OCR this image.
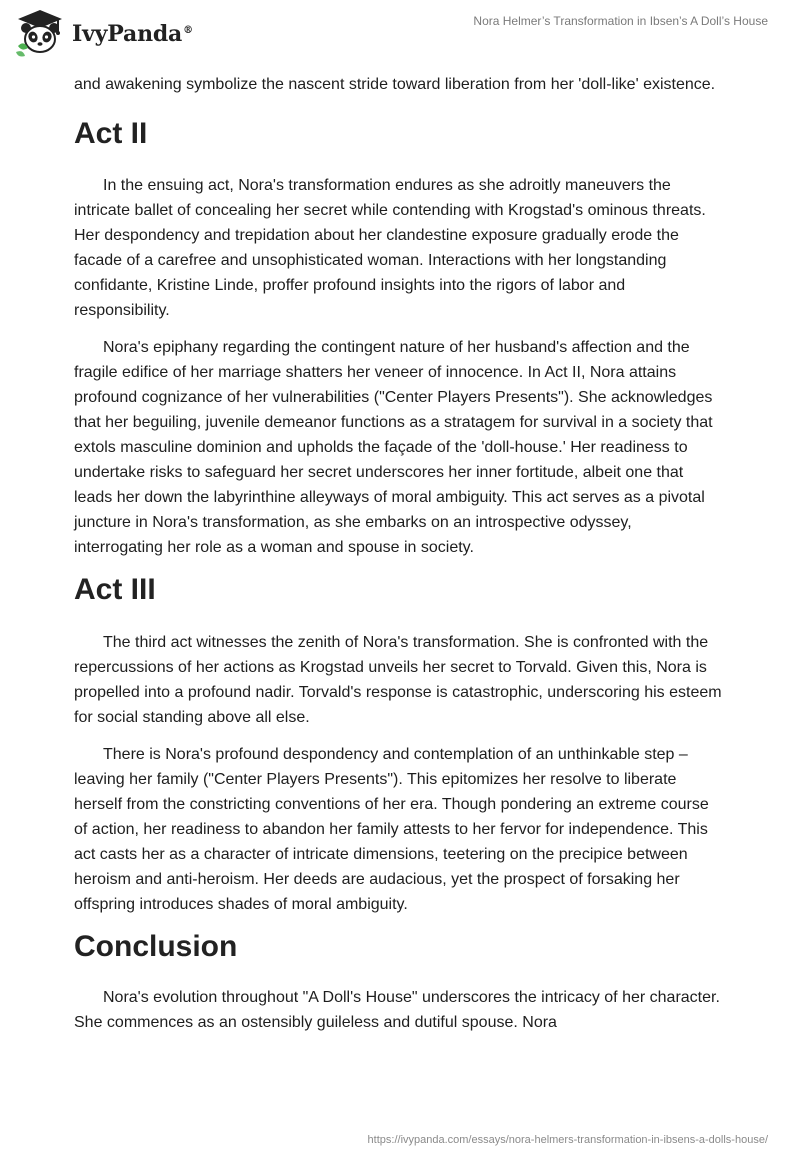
IvyPanda®
Nora Helmer’s Transformation in Ibsen’s A Doll’s House

and awakening symbolize the nascent stride toward liberation from her 'doll-like' existence.

Act II

In the ensuing act, Nora's transformation endures as she adroitly maneuvers the intricate ballet of concealing her secret while contending with Krogstad's ominous threats. Her despondency and trepidation about her clandestine exposure gradually erode the facade of a carefree and unsophisticated woman. Interactions with her longstanding confidante, Kristine Linde, proffer profound insights into the rigors of labor and responsibility.

Nora's epiphany regarding the contingent nature of her husband's affection and the fragile edifice of her marriage shatters her veneer of innocence. In Act II, Nora attains profound cognizance of her vulnerabilities ("Center Players Presents"). She acknowledges that her beguiling, juvenile demeanor functions as a stratagem for survival in a society that extols masculine dominion and upholds the façade of the 'doll-house.' Her readiness to undertake risks to safeguard her secret underscores her inner fortitude, albeit one that leads her down the labyrinthine alleyways of moral ambiguity. This act serves as a pivotal juncture in Nora's transformation, as she embarks on an introspective odyssey, interrogating her role as a woman and spouse in society.

Act III

The third act witnesses the zenith of Nora's transformation. She is confronted with the repercussions of her actions as Krogstad unveils her secret to Torvald. Given this, Nora is propelled into a profound nadir. Torvald's response is catastrophic, underscoring his esteem for social standing above all else.

There is Nora's profound despondency and contemplation of an unthinkable step – leaving her family ("Center Players Presents"). This epitomizes her resolve to liberate herself from the constricting conventions of her era. Though pondering an extreme course of action, her readiness to abandon her family attests to her fervor for independence. This act casts her as a character of intricate dimensions, teetering on the precipice between heroism and anti-heroism. Her deeds are audacious, yet the prospect of forsaking her offspring introduces shades of moral ambiguity.

Conclusion

Nora's evolution throughout "A Doll's House" underscores the intricacy of her character. She commences as an ostensibly guileless and dutiful spouse. Nora

https://ivypanda.com/essays/nora-helmers-transformation-in-ibsens-a-dolls-house/
